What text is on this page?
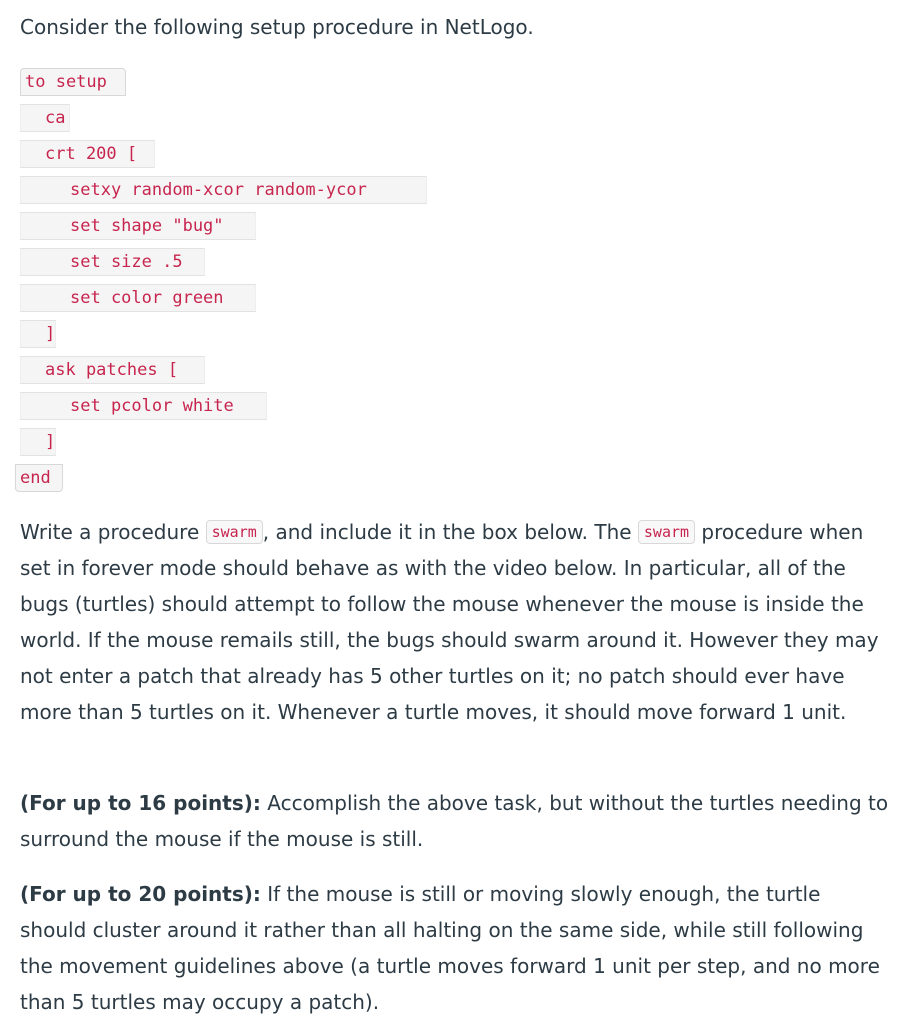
Consider the following setup procedure in NetLogo.

to setup
ca
crt 200 [
setxy random-xcor random-ycor
set shape "bug"
set size .5
set color green
]
ask patches [
set pcolor white
]
end

Write a procedure swarm , and include it in the box below. The swarm procedure when set in forever mode should behave as with the video below. In particular, all of the bugs (turtles) should attempt to follow the mouse whenever the mouse is inside the world. If the mouse remails still, the bugs should swarm around it. However they may not enter a patch that already has 5 other turtles on it; no patch should ever have more than 5 turtles on it. Whenever a turtle moves, it should move forward 1 unit.

(For up to 16 points): Accomplish the above task, but without the turtles needing to surround the mouse if the mouse is still.

(For up to 20 points): If the mouse is still or moving slowly enough, the turtle should cluster around it rather than all halting on the same side, while still following the movement guidelines above (a turtle moves forward 1 unit per step, and no more than 5 turtles may occupy a patch).
